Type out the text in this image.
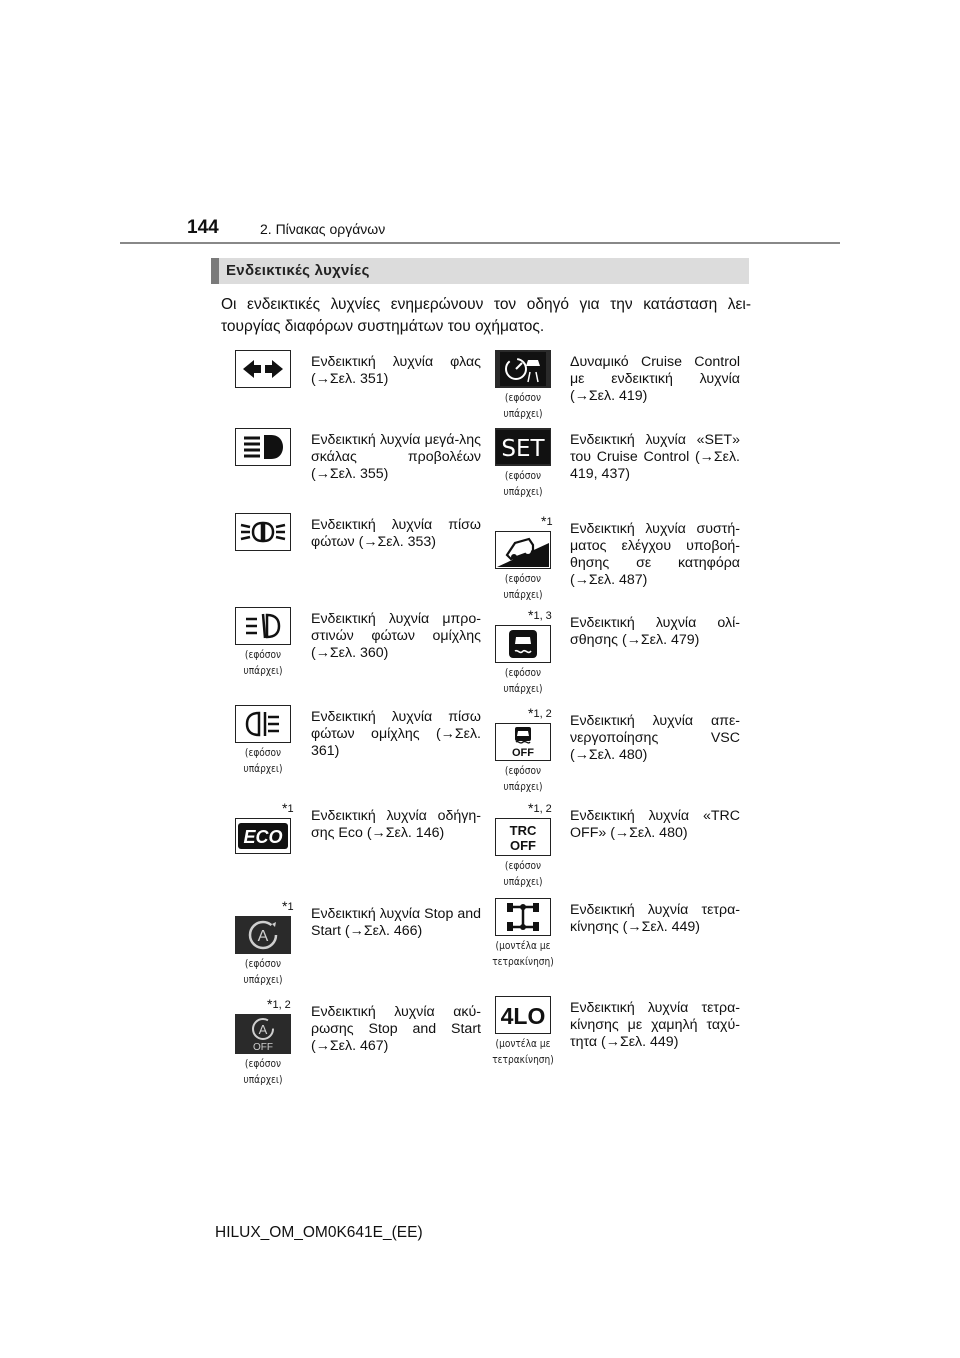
144	2. Πίνακας οργάνων
Ενδεικτικές λυχνίες
Οι ενδεικτικές λυχνίες ενημερώνουν τον οδηγό για την κατάσταση λει-τουργίας διαφόρων συστημάτων του οχήματος.
Ενδεικτική λυχνία φλας (→Σελ. 351)
(εφόσον
υπάρχει)
Δυναμικό Cruise Control με ενδεικτική λυχνία (→Σελ. 419)
Ενδεικτική λυχνία μεγά-λης σκάλας προβολέων (→Σελ. 355)
SET
(εφόσον
υπάρχει)
Ενδεικτική λυχνία «SET» του Cruise Control (→Σελ. 419, 437)
Ενδεικτική λυχνία πίσω φώτων (→Σελ. 353)
*1
(εφόσον
υπάρχει)
Ενδεικτική λυχνία συστή-ματος ελέγχου υποβοή-θησης σε κατηφόρα (→Σελ. 487)
(εφόσον
υπάρχει)
Ενδεικτική λυχνία μπρο-στινών φώτων ομίχλης (→Σελ. 360)
*1, 3
(εφόσον
υπάρχει)
Ενδεικτική λυχνία ολί-σθησης (→Σελ. 479)
(εφόσον
υπάρχει)
Ενδεικτική λυχνία πίσω φώτων ομίχλης (→Σελ. 361)
*1, 2
OFF
(εφόσον
υπάρχει)
Ενδεικτική λυχνία απε-νεργοποίησης VSC (→Σελ. 480)
*1
ECO
Ενδεικτική λυχνία οδήγη-σης Eco (→Σελ. 146)
*1, 2
TRC
OFF
(εφόσον
υπάρχει)
Ενδεικτική λυχνία «TRC OFF» (→Σελ. 480)
*1
A
(εφόσον
υπάρχει)
Ενδεικτική λυχνία Stop and Start (→Σελ. 466)
(μοντέλα με
τετρακίνηση)
Ενδεικτική λυχνία τετρα-κίνησης (→Σελ. 449)
*1, 2
A
OFF
(εφόσον
υπάρχει)
Ενδεικτική λυχνία ακύ-ρωσης Stop and Start (→Σελ. 467)
4LO
(μοντέλα με
τετρακίνηση)
Ενδεικτική λυχνία τετρα-κίνησης με χαμηλή ταχύ-τητα (→Σελ. 449)
HILUX_OM_OM0K641E_(EE)
